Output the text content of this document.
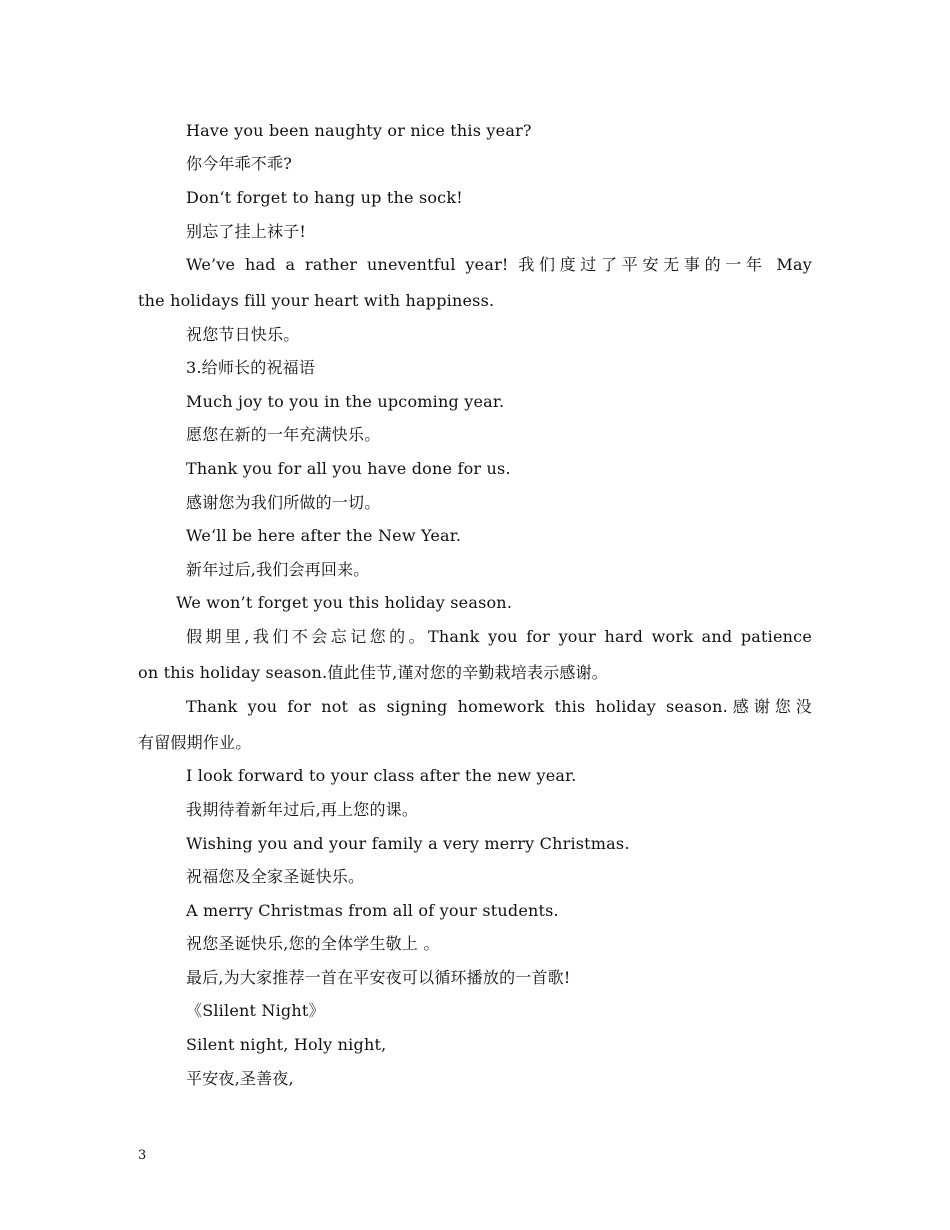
Have you been naughty or nice this year?
你今年乖不乖?
Don‘t forget to hang up the sock!
别忘了挂上袜子!
We’ve had a rather uneventful year! 我们度过了平安无事的一年 May
the holidays fill your heart with happiness.
祝您节日快乐。
3.给师长的祝福语
Much joy to you in the upcoming year.
愿您在新的一年充满快乐。
Thank you for all you have done for us.
感谢您为我们所做的一切。
We‘ll be here after the New Year.
新年过后,我们会再回来。
We won’t forget you this holiday season.
假期里,我们不会忘记您的。Thank you for your hard work and patience
on this holiday season.值此佳节,谨对您的辛勤栽培表示感谢。
Thank you for not as signing homework this holiday season.感谢您没
有留假期作业。
I look forward to your class after the new year.
我期待着新年过后,再上您的课。
Wishing you and your family a very merry Christmas.
祝福您及全家圣诞快乐。
A merry Christmas from all of your students.
祝您圣诞快乐,您的全体学生敬上 。
最后,为大家推荐一首在平安夜可以循环播放的一首歌!
《Slilent Night》
Silent night, Holy night,
平安夜,圣善夜,
3
